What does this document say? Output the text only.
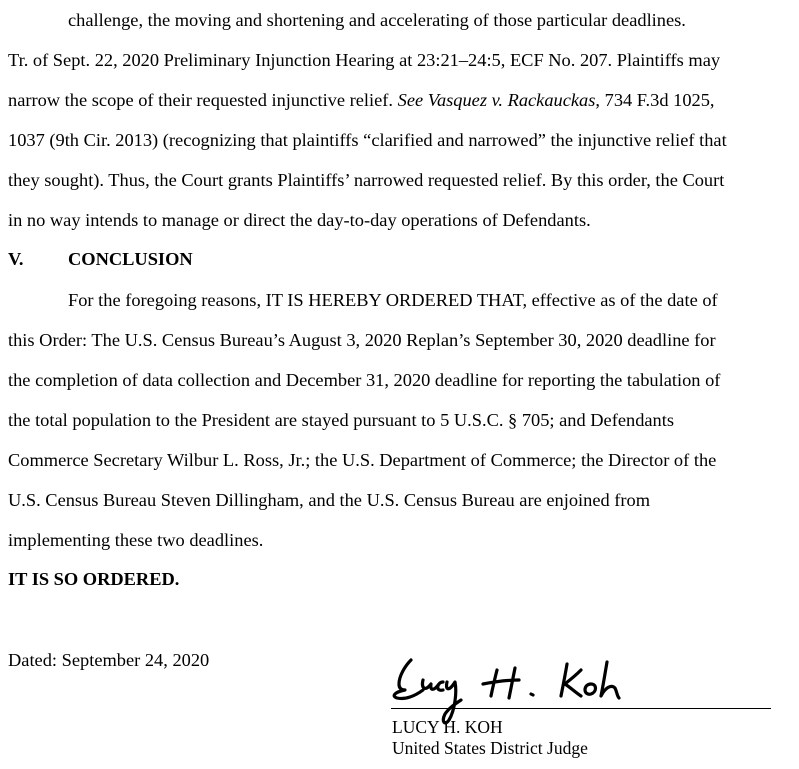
challenge, the moving and shortening and accelerating of those particular deadlines.
Tr. of Sept. 22, 2020 Preliminary Injunction Hearing at 23:21–24:5, ECF No. 207. Plaintiffs may
narrow the scope of their requested injunctive relief. See Vasquez v. Rackauckas, 734 F.3d 1025,
1037 (9th Cir. 2013) (recognizing that plaintiffs “clarified and narrowed” the injunctive relief that
they sought). Thus, the Court grants Plaintiffs’ narrowed requested relief. By this order, the Court
in no way intends to manage or direct the day-to-day operations of Defendants.
V. CONCLUSION
For the foregoing reasons, IT IS HEREBY ORDERED THAT, effective as of the date of
this Order: The U.S. Census Bureau’s August 3, 2020 Replan’s September 30, 2020 deadline for
the completion of data collection and December 31, 2020 deadline for reporting the tabulation of
the total population to the President are stayed pursuant to 5 U.S.C. § 705; and Defendants
Commerce Secretary Wilbur L. Ross, Jr.; the U.S. Department of Commerce; the Director of the
U.S. Census Bureau Steven Dillingham, and the U.S. Census Bureau are enjoined from
implementing these two deadlines.
IT IS SO ORDERED.
Dated: September 24, 2020
LUCY H. KOH
United States District Judge
